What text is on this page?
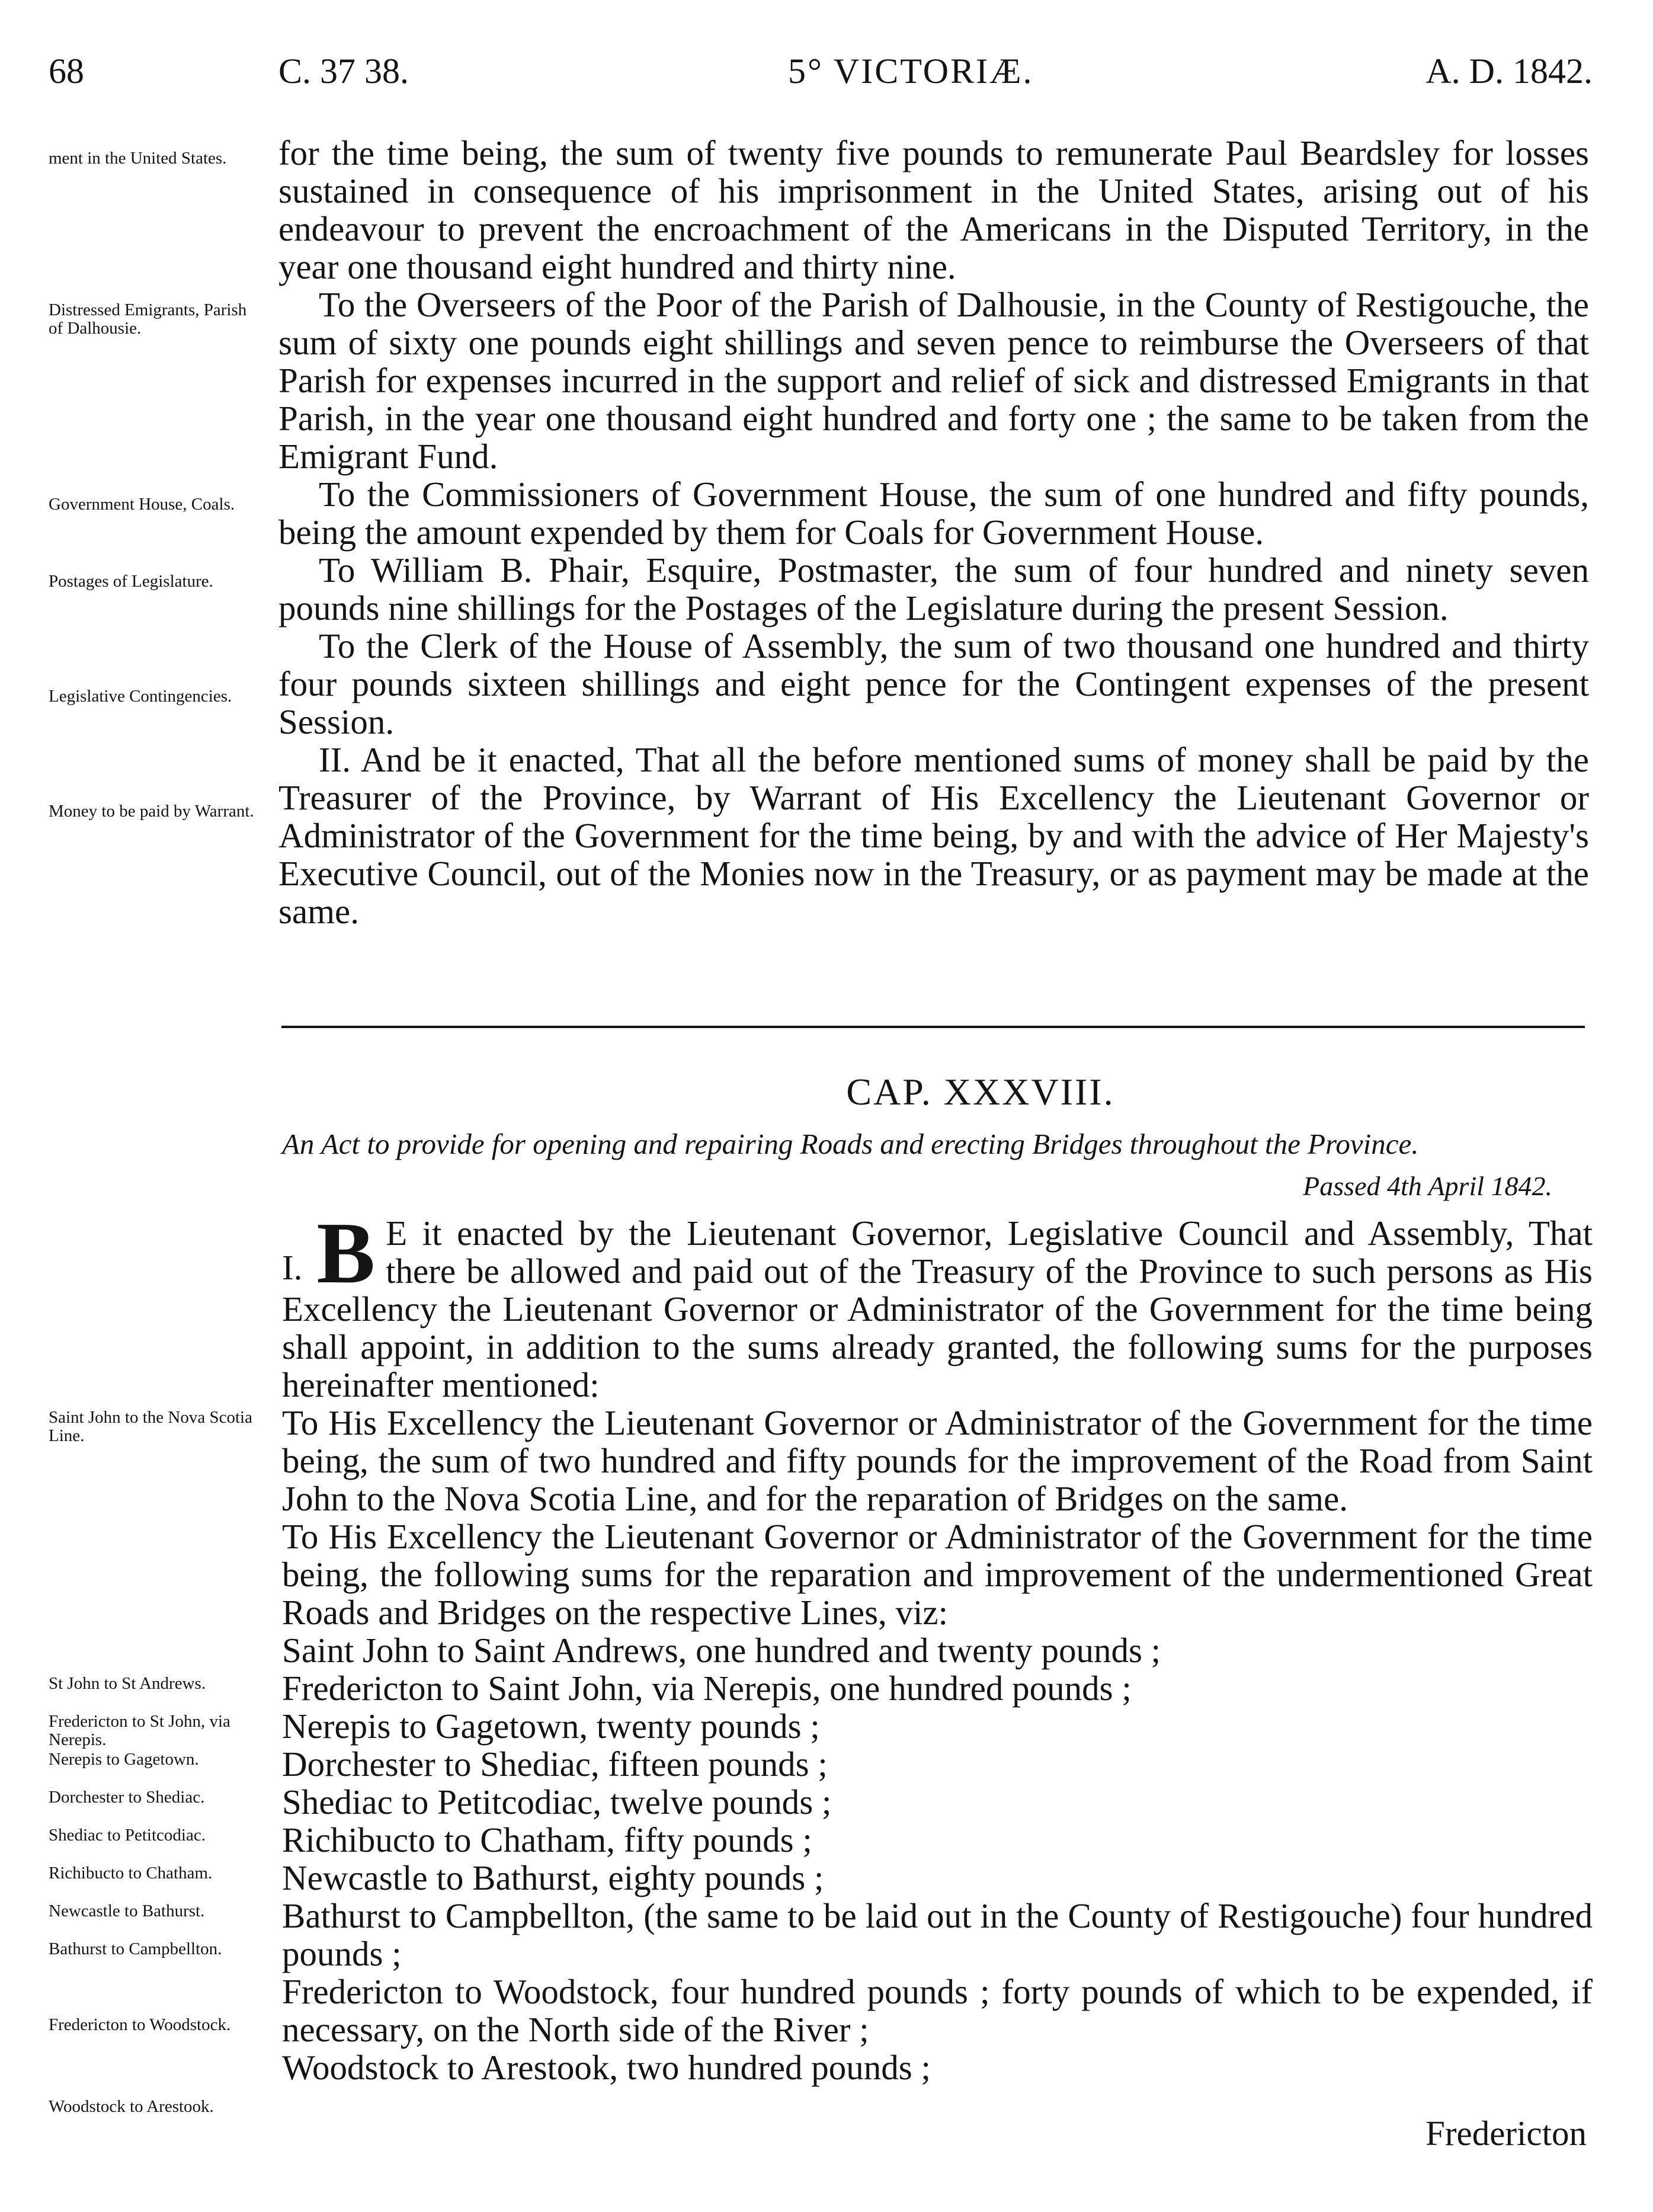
68	C. 37 38.	5° VICTORIÆ.	A. D. 1842.
ment in the United States.
Distressed Emigrants, Parish of Dalhousie.
Government House, Coals.
Postages of Legislature.
Legislative Contingencies.
Money to be paid by Warrant.

for the time being, the sum of twenty five pounds to remunerate Paul Beardsley for losses sustained in consequence of his imprisonment in the United States, arising out of his endeavour to prevent the encroachment of the Americans in the Disputed Territory, in the year one thousand eight hundred and thirty nine.

To the Overseers of the Poor of the Parish of Dalhousie, in the County of Restigouche, the sum of sixty one pounds eight shillings and seven pence to reimburse the Overseers of that Parish for expenses incurred in the support and relief of sick and distressed Emigrants in that Parish, in the year one thousand eight hundred and forty one ; the same to be taken from the Emigrant Fund.

To the Commissioners of Government House, the sum of one hundred and fifty pounds, being the amount expended by them for Coals for Government House.

To William B. Phair, Esquire, Postmaster, the sum of four hundred and ninety seven pounds nine shillings for the Postages of the Legislature during the present Session.

To the Clerk of the House of Assembly, the sum of two thousand one hundred and thirty four pounds sixteen shillings and eight pence for the Contingent expenses of the present Session.

II. And be it enacted, That all the before mentioned sums of money shall be paid by the Treasurer of the Province, by Warrant of His Excellency the Lieutenant Governor or Administrator of the Government for the time being, by and with the advice of Her Majesty's Executive Council, out of the Monies now in the Treasury, or as payment may be made at the same.

CAP. XXXVIII.
An Act to provide for opening and repairing Roads and erecting Bridges throughout the Province.
Passed 4th April 1842.
Saint John to the Nova Scotia Line.
St John to St Andrews.
Fredericton to St John, via Nerepis.
Nerepis to Gagetown.
Dorchester to Shediac.
Shediac to Petitcodiac.
Richibucto to Chatham.
Newcastle to Bathurst.
Bathurst to Campbellton.
Fredericton to Woodstock.
Woodstock to Arestook.

I. B E it enacted by the Lieutenant Governor, Legislative Council and Assembly, That there be allowed and paid out of the Treasury of the Province to such persons as His Excellency the Lieutenant Governor or Administrator of the Government for the time being shall appoint, in addition to the sums already granted, the following sums for the purposes hereinafter mentioned:

To His Excellency the Lieutenant Governor or Administrator of the Government for the time being, the sum of two hundred and fifty pounds for the improvement of the Road from Saint John to the Nova Scotia Line, and for the reparation of Bridges on the same.

To His Excellency the Lieutenant Governor or Administrator of the Government for the time being, the following sums for the reparation and improvement of the undermentioned Great Roads and Bridges on the respective Lines, viz:

Saint John to Saint Andrews, one hundred and twenty pounds ;

Fredericton to Saint John, via Nerepis, one hundred pounds ;

Nerepis to Gagetown, twenty pounds ;

Dorchester to Shediac, fifteen pounds ;

Shediac to Petitcodiac, twelve pounds ;

Richibucto to Chatham, fifty pounds ;

Newcastle to Bathurst, eighty pounds ;

Bathurst to Campbellton, (the same to be laid out in the County of Restigouche) four hundred pounds ;

Fredericton to Woodstock, four hundred pounds ; forty pounds of which to be expended, if necessary, on the North side of the River ;

Woodstock to Arestook, two hundred pounds ;

Fredericton
